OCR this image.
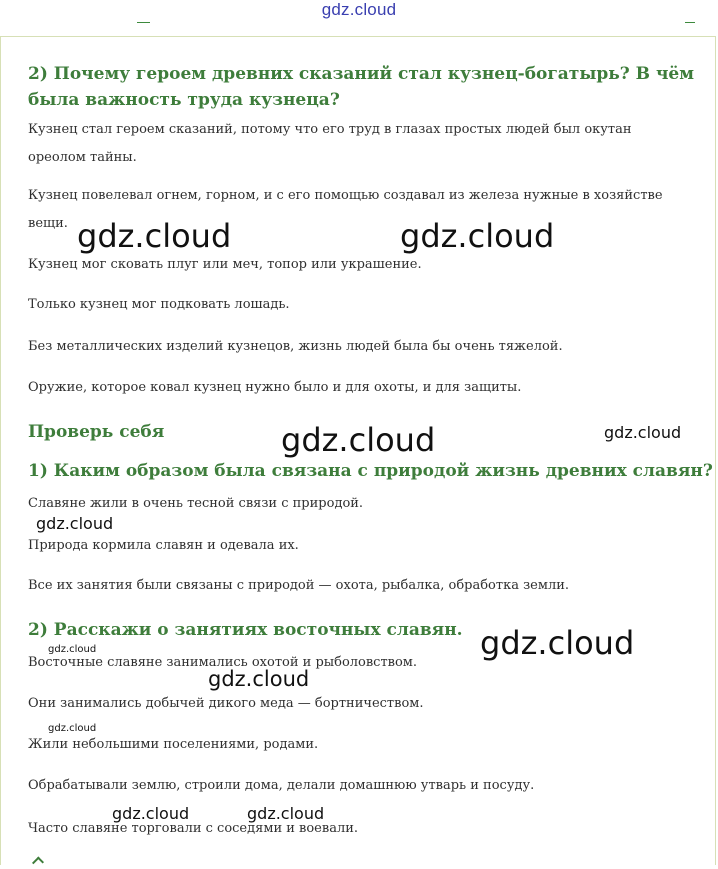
gdz.cloud
2) Почему героем древних сказаний стал кузнец-богатырь? В чём была важность труда кузнеца?

Кузнец стал героем сказаний, потому что его труд в глазах простых людей был окутан ореолом тайны.

Кузнец повелевал огнем, горном, и с его помощью создавал из железа нужные в хозяйстве вещи.

Кузнец мог сковать плуг или меч, топор или украшение.

Только кузнец мог подковать лошадь.

Без металлических изделий кузнецов, жизнь людей была бы очень тяжелой.

Оружие, которое ковал кузнец нужно было и для охоты, и для защиты.

Проверь себя
1) Каким образом была связана с природой жизнь древних славян?

Славяне жили в очень тесной связи с природой.

Природа кормила славян и одевала их.

Все их занятия были связаны с природой — охота, рыбалка, обработка земли.

2) Расскажи о занятиях восточных славян.

Восточные славяне занимались охотой и рыболовством.

Они занимались добычей дикого меда — бортничеством.

Жили небольшими поселениями, родами.

Обрабатывали землю, строили дома, делали домашнюю утварь и посуду.

Часто славяне торговали с соседями и воевали.

gdz.cloud	gdz.cloud
gdz.cloud	gdz.cloud
gdz.cloud
gdz.cloud
gdz.cloud
gdz.cloud
gdz.cloud
gdz.cloud	gdz.cloud
